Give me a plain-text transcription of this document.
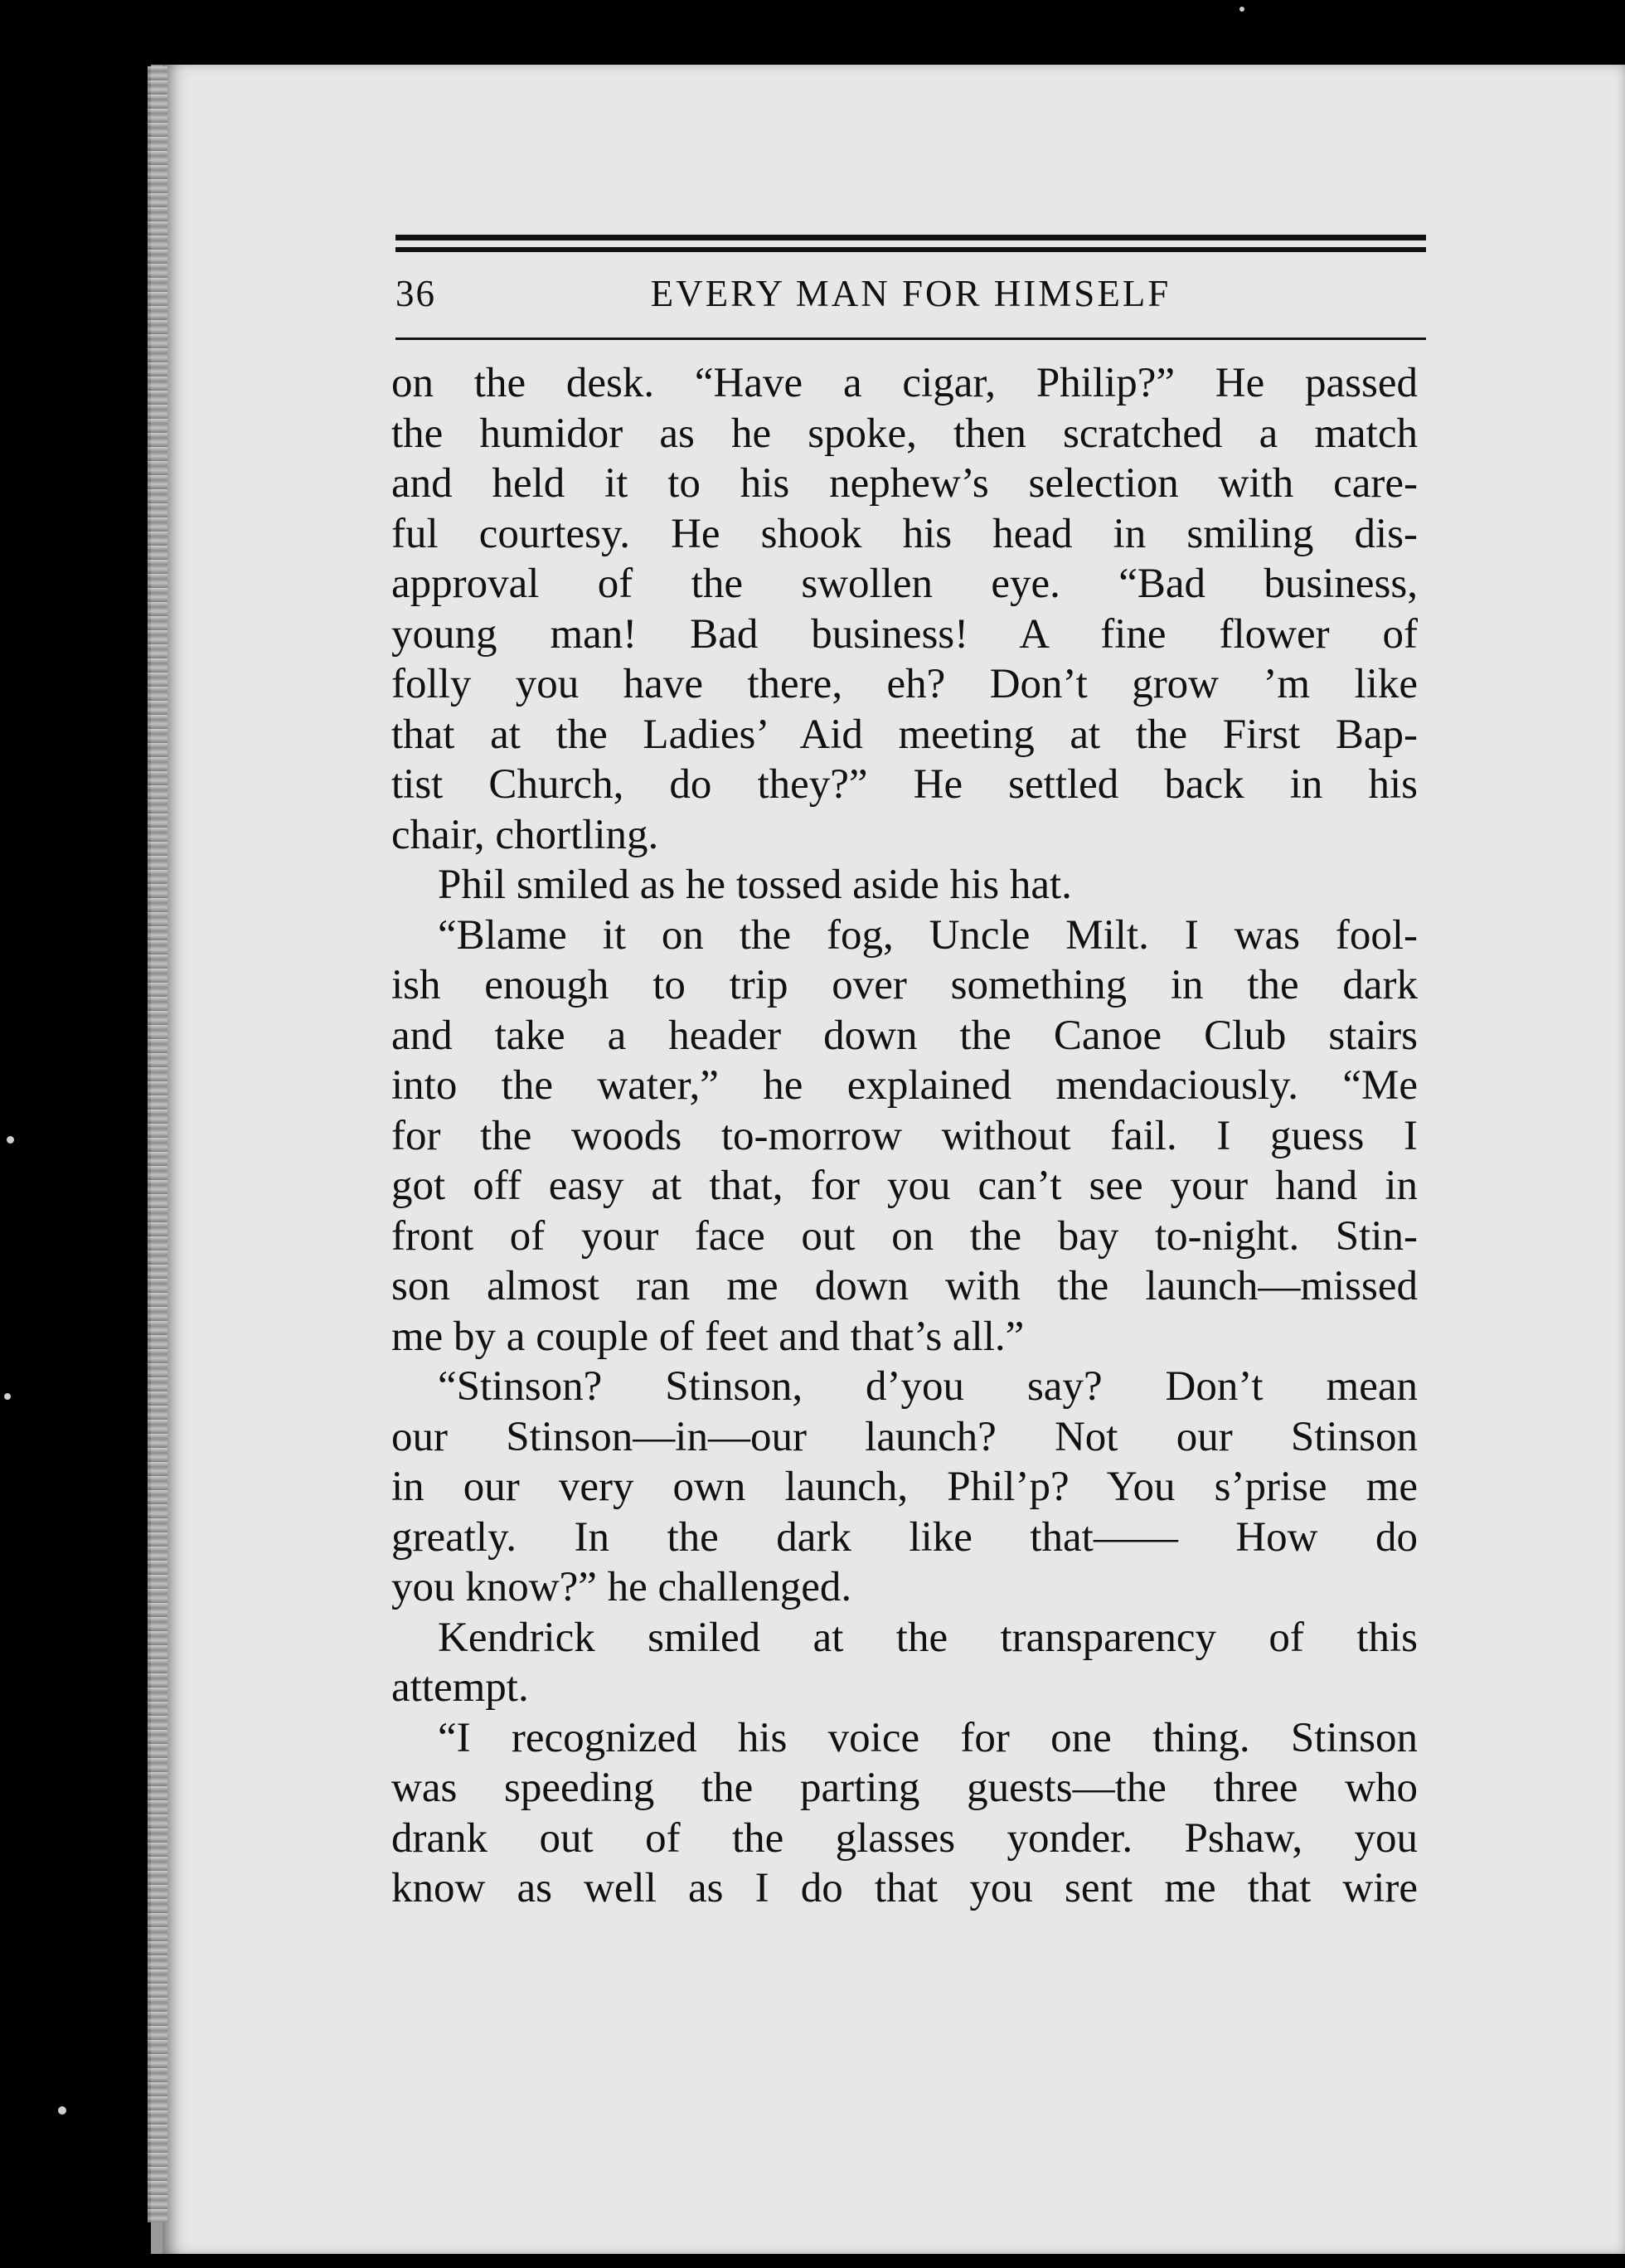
36	EVERY MAN FOR HIMSELF
on the desk. “Have a cigar, Philip?” He passed
the humidor as he spoke, then scratched a match
and held it to his nephew’s selection with care-
ful courtesy. He shook his head in smiling dis-
approval of the swollen eye. “Bad business,
young man! Bad business! A fine flower of
folly you have there, eh? Don’t grow ’m like
that at the Ladies’ Aid meeting at the First Bap-
tist Church, do they?” He settled back in his
chair, chortling.
Phil smiled as he tossed aside his hat.
“Blame it on the fog, Uncle Milt. I was fool-
ish enough to trip over something in the dark
and take a header down the Canoe Club stairs
into the water,” he explained mendaciously. “Me
for the woods to-morrow without fail. I guess I
got off easy at that, for you can’t see your hand in
front of your face out on the bay to-night. Stin-
son almost ran me down with the launch—missed
me by a couple of feet and that’s all.”
“Stinson? Stinson, d’you say? Don’t mean
our Stinson—in—our launch? Not our Stinson
in our very own launch, Phil’p? You s’prise me
greatly. In the dark like that—— How do
you know?” he challenged.
Kendrick smiled at the transparency of this
attempt.
“I recognized his voice for one thing. Stinson
was speeding the parting guests—the three who
drank out of the glasses yonder. Pshaw, you
know as well as I do that you sent me that wire
